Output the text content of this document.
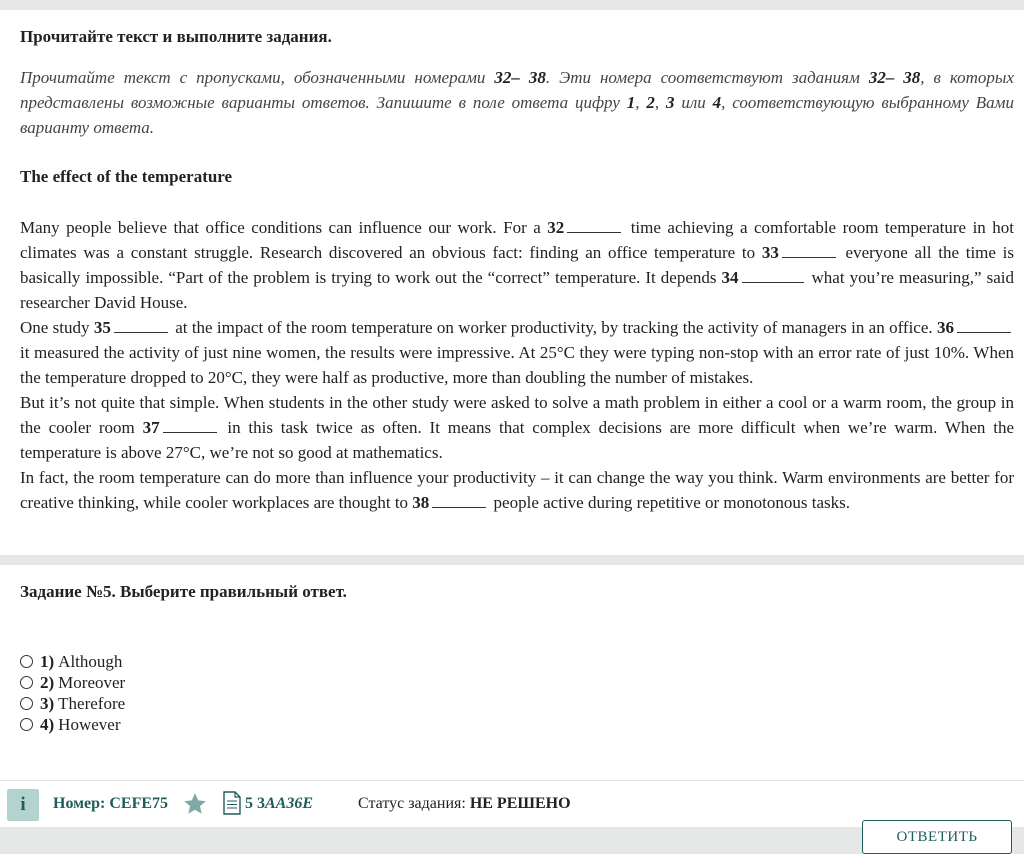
Прочитайте текст и выполните задания.
Прочитайте текст с пропусками, обозначенными номерами 32– 38. Эти номера соответствуют заданиям 32– 38, в которых представлены возможные варианты ответов. Запишите в поле ответа цифру 1, 2, 3 или 4, соответствующую выбранному Вами варианту ответа.
The effect of the temperature

Many people believe that office conditions can influence our work. For a 32	time achieving a comfortable room temperature in hot climates was a constant struggle. Research discovered an obvious fact: finding an office temperature to 33	everyone all the time is basically impossible. “Part of the problem is trying to work out the “correct” temperature. It depends 34	what you’re measuring,” said researcher David House.

One study 35	at the impact of the room temperature on worker productivity, by tracking the activity of managers in an office. 36 it measured the activity of just nine women, the results were impressive. At 25°C they were typing non-stop with an error rate of just 10%. When the temperature dropped to 20°C, they were half as productive, more than doubling the number of mistakes.

But it’s not quite that simple. When students in the other study were asked to solve a math problem in either a cool or a warm room, the group in the cooler room 37	in this task twice as often. It means that complex decisions are more difficult when we’re warm. When the temperature is above 27°C, we’re not so good at mathematics.

In fact, the room temperature can do more than influence your productivity – it can change the way you think. Warm environments are better for creative thinking, while cooler workplaces are thought to 38	people active during repetitive or monotonous tasks.

Задание №5. Выберите правильный ответ.
1) Although
2) Moreover
3) Therefore
4) However
i	Номер: CEFE75	5 3AA36E	Статус задания: НЕ РЕШЕНО
ОТВЕТИТЬ
